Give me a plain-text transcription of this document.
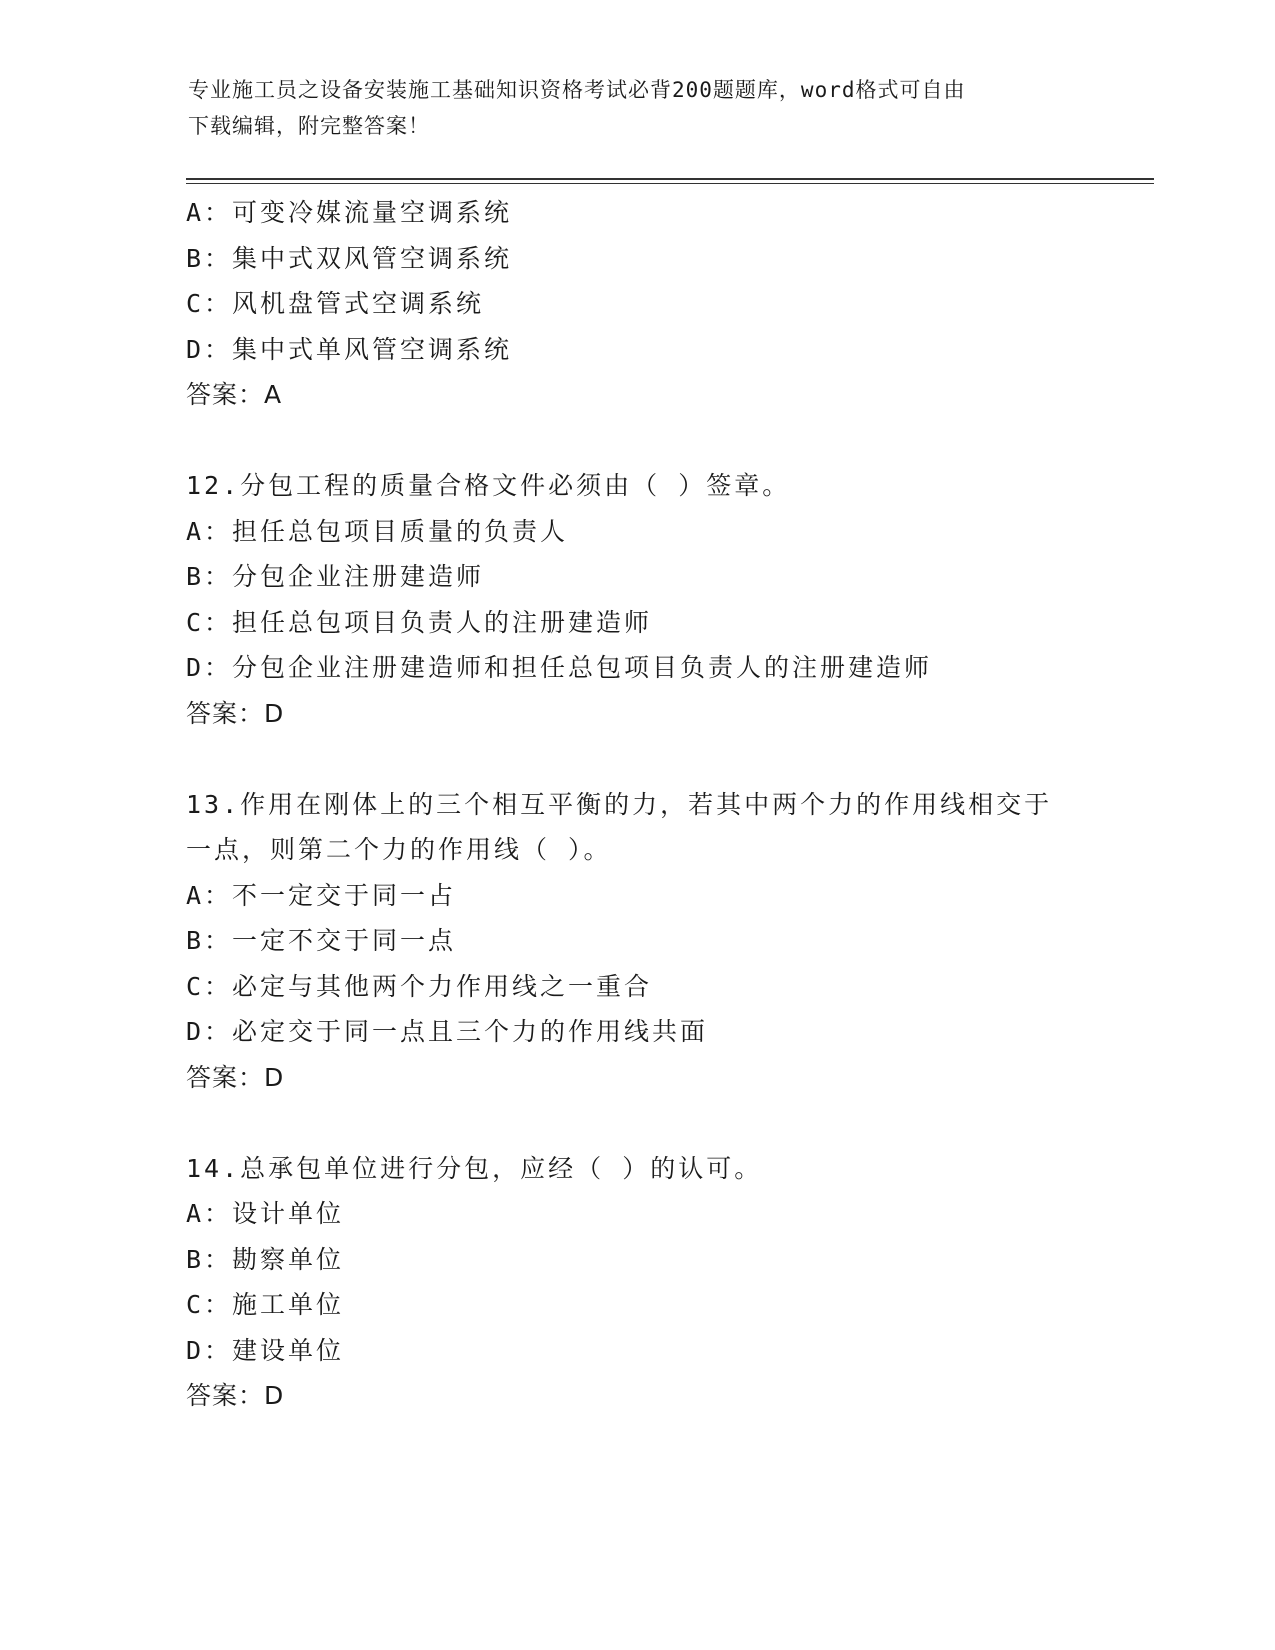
专业施工员之设备安装施工基础知识资格考试必背200题题库，word格式可自由
下载编辑，附完整答案！
A：可变冷媒流量空调系统
B：集中式双风管空调系统
C：风机盘管式空调系统
D：集中式单风管空调系统
答案：A
12.分包工程的质量合格文件必须由（ ）签章。
A：担任总包项目质量的负责人
B：分包企业注册建造师
C：担任总包项目负责人的注册建造师
D：分包企业注册建造师和担任总包项目负责人的注册建造师
答案：D
13.作用在刚体上的三个相互平衡的力，若其中两个力的作用线相交于
一点，则第二个力的作用线（ ）。
A：不一定交于同一占
B：一定不交于同一点
C：必定与其他两个力作用线之一重合
D：必定交于同一点且三个力的作用线共面
答案：D
14.总承包单位进行分包，应经（ ）的认可。
A：设计单位
B：勘察单位
C：施工单位
D：建设单位
答案：D
